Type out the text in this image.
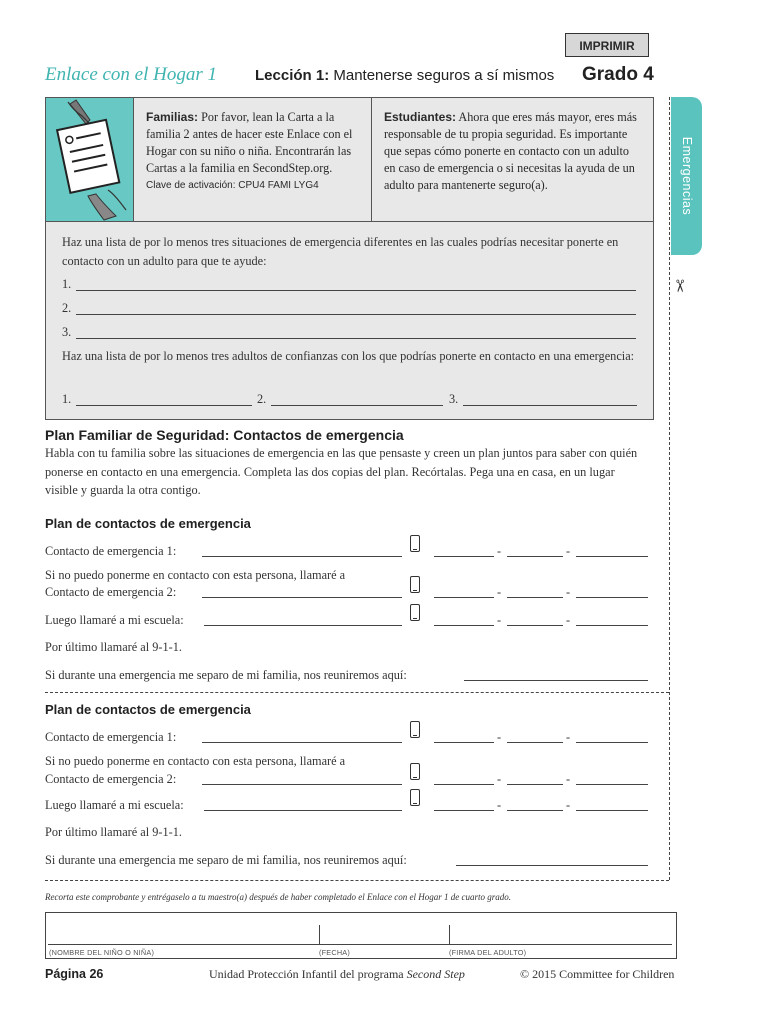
IMPRIMIR
Enlace con el Hogar 1	Lección 1: Mantenerse seguros a sí mismos Grado 4
Familias: Por favor, lean la Carta a la familia 2 antes de hacer este Enlace con el Hogar con su niño o niña. Encontrarán las Cartas a la familia en SecondStep.org.
Clave de activación: CPU4 FAMI LYG4
Estudiantes: Ahora que eres más mayor, eres más responsable de tu propia seguridad. Es importante que sepas cómo ponerte en contacto con un adulto en caso de emergencia o si necesitas la ayuda de un adulto para mantenerte seguro(a).
Haz una lista de por lo menos tres situaciones de emergencia diferentes en las cuales podrías necesitar ponerte en contacto con un adulto para que te ayude:
1.
2.
3.
Haz una lista de por lo menos tres adultos de confianzas con los que podrías ponerte en contacto en una emergencia:
1.	2.	3.
Emergencias
✂
Plan Familiar de Seguridad: Contactos de emergencia
Habla con tu familia sobre las situaciones de emergencia en las que pensaste y creen un plan juntos para saber con quién ponerse en contacto en una emergencia. Completa las dos copias del plan. Recórtalas. Pega una en casa, en un lugar visible y guarda la otra contigo.
Plan de contactos de emergencia
Contacto de emergencia 1:	-	-
Si no puedo ponerme en contacto con esta persona, llamaré a
Contacto de emergencia 2:	-	-
Luego llamaré a mi escuela:	-	-
Por último llamaré al 9-1-1.
Si durante una emergencia me separo de mi familia, nos reuniremos aquí:
Plan de contactos de emergencia
Contacto de emergencia 1:	-	-
Si no puedo ponerme en contacto con esta persona, llamaré a
Contacto de emergencia 2:	-	-
Luego llamaré a mi escuela:	-	-
Por último llamaré al 9-1-1.
Si durante una emergencia me separo de mi familia, nos reuniremos aquí:
Recorta este comprobante y entrégaselo a tu maestro(a) después de haber completado el Enlace con el Hogar 1 de cuarto grado.
(NOMBRE DEL NIÑO O NIÑA)	(FECHA)	(FIRMA DEL ADULTO)
Página 26	Unidad Protección Infantil del programa Second Step	© 2015 Committee for Children
